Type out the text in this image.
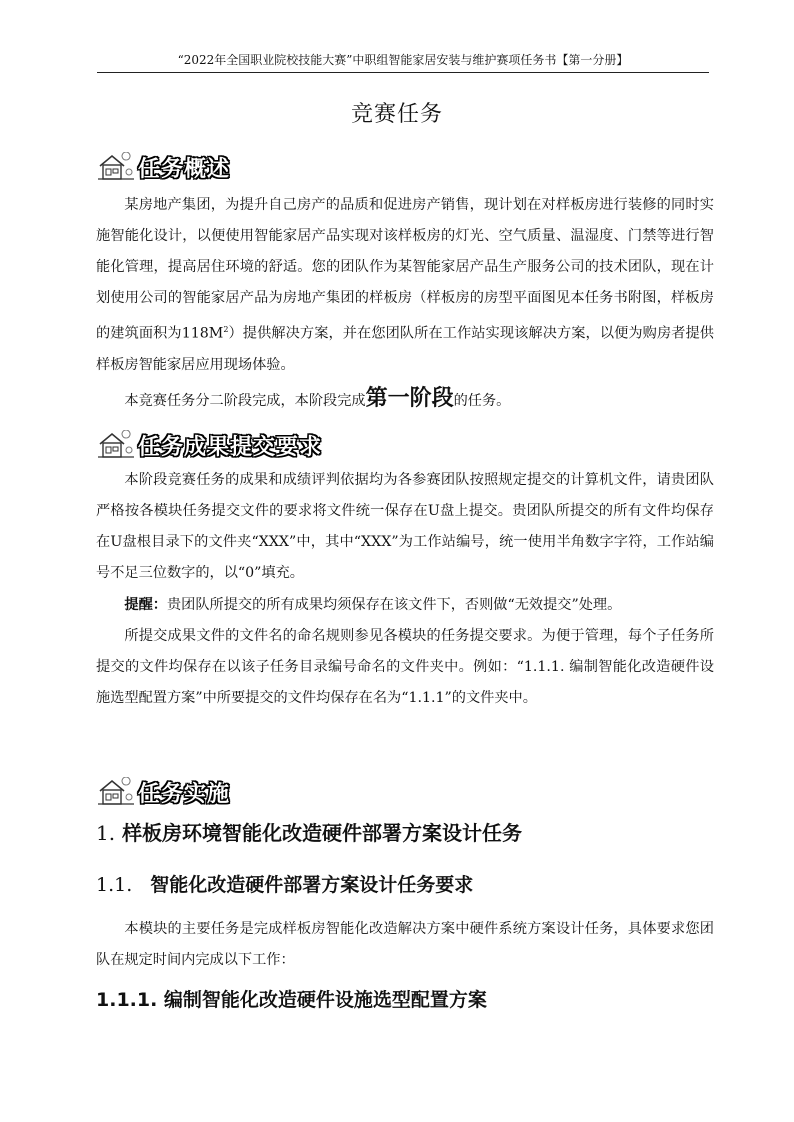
“2022年全国职业院校技能大赛”中职组智能家居安装与维护赛项任务书【第一分册】
竞赛任务
任务概述

某房地产集团，为提升自己房产的品质和促进房产销售，现计划在对样板房进行装修的同时实施智能化设计，以便使用智能家居产品实现对该样板房的灯光、空气质量、温湿度、门禁等进行智能化管理，提高居住环境的舒适。您的团队作为某智能家居产品生产服务公司的技术团队，现在计划使用公司的智能家居产品为房地产集团的样板房（样板房的房型平面图见本任务书附图，样板房的建筑面积为$118M^2$）提供解决方案，并在您团队所在工作站实现该解决方案，以便为购房者提供样板房智能家居应用现场体验。

本竞赛任务分二阶段完成，本阶段完成第一阶段的任务。

任务成果提交要求

本阶段竞赛任务的成果和成绩评判依据均为各参赛团队按照规定提交的计算机文件，请贵团队严格按各模块任务提交文件的要求将文件统一保存在U盘上提交。贵团队所提交的所有文件均保存在U盘根目录下的文件夹“XXX”中，其中“XXX”为工作站编号，统一使用半角数字字符，工作站编号不足三位数字的，以“0”填充。

提醒：贵团队所提交的所有成果均须保存在该文件下，否则做“无效提交”处理。

所提交成果文件的文件名的命名规则参见各模块的任务提交要求。为便于管理，每个子任务所提交的文件均保存在以该子任务目录编号命名的文件夹中。例如：“1.1.1. 编制智能化改造硬件设施选型配置方案”中所要提交的文件均保存在名为“1.1.1”的文件夹中。

任务实施
1. 样板房环境智能化改造硬件部署方案设计任务
1.1. 智能化改造硬件部署方案设计任务要求

本模块的主要任务是完成样板房智能化改造解决方案中硬件系统方案设计任务，具体要求您团队在规定时间内完成以下工作：

1.1.1. 编制智能化改造硬件设施选型配置方案
